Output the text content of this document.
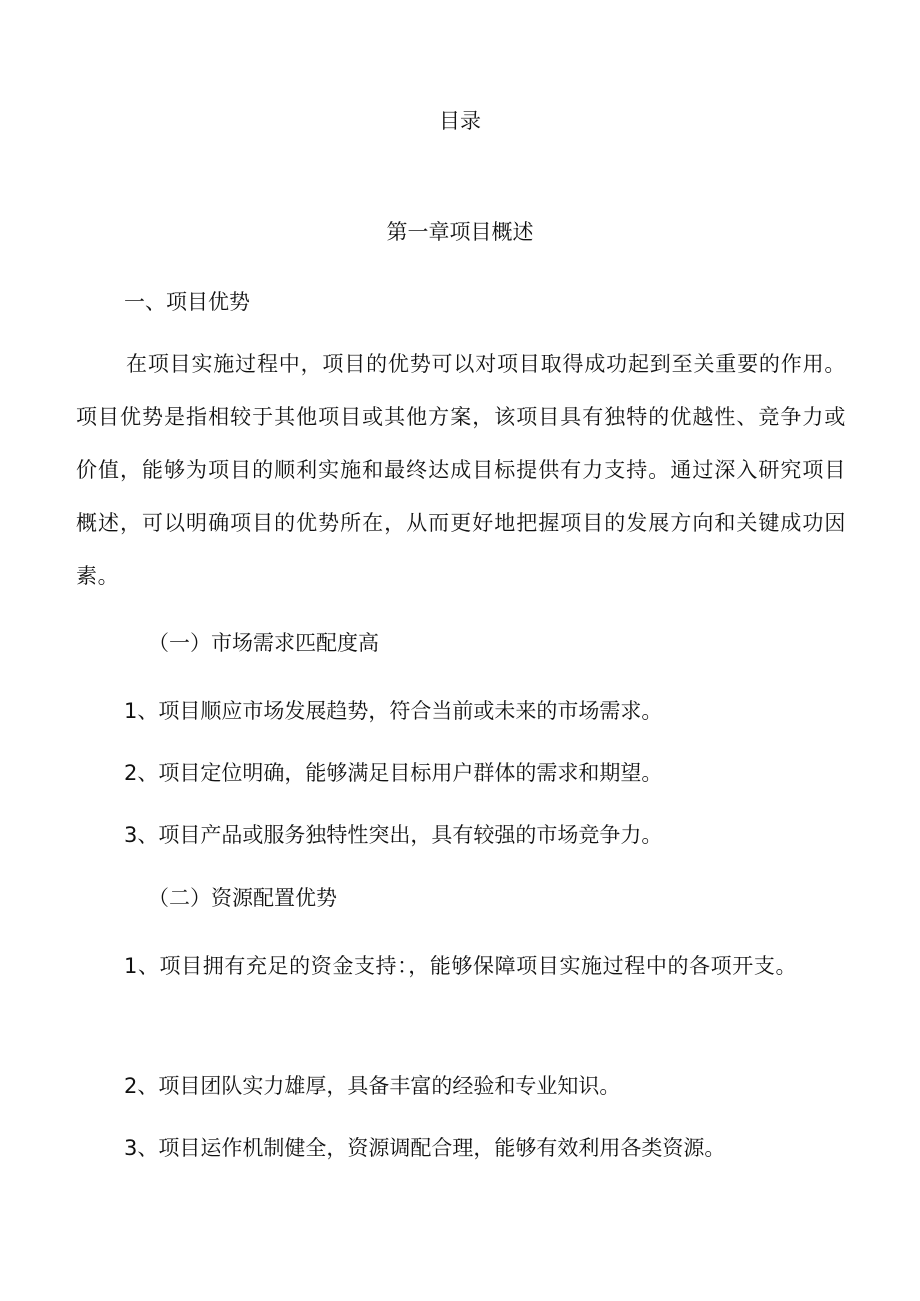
目录

第一章项目概述

一、项目优势

在项目实施过程中，项目的优势可以对项目取得成功起到至关重要的作用。项目优势是指相较于其他项目或其他方案，该项目具有独特的优越性、竞争力或价值，能够为项目的顺利实施和最终达成目标提供有力支持。通过深入研究项目概述，可以明确项目的优势所在，从而更好地把握项目的发展方向和关键成功因素。

（一）市场需求匹配度高

1、项目顺应市场发展趋势，符合当前或未来的市场需求。

2、项目定位明确，能够满足目标用户群体的需求和期望。

3、项目产品或服务独特性突出，具有较强的市场竞争力。

（二）资源配置优势

1、项目拥有充足的资金支持：，能够保障项目实施过程中的各项开支。

2、项目团队实力雄厚，具备丰富的经验和专业知识。

3、项目运作机制健全，资源调配合理，能够有效利用各类资源。
